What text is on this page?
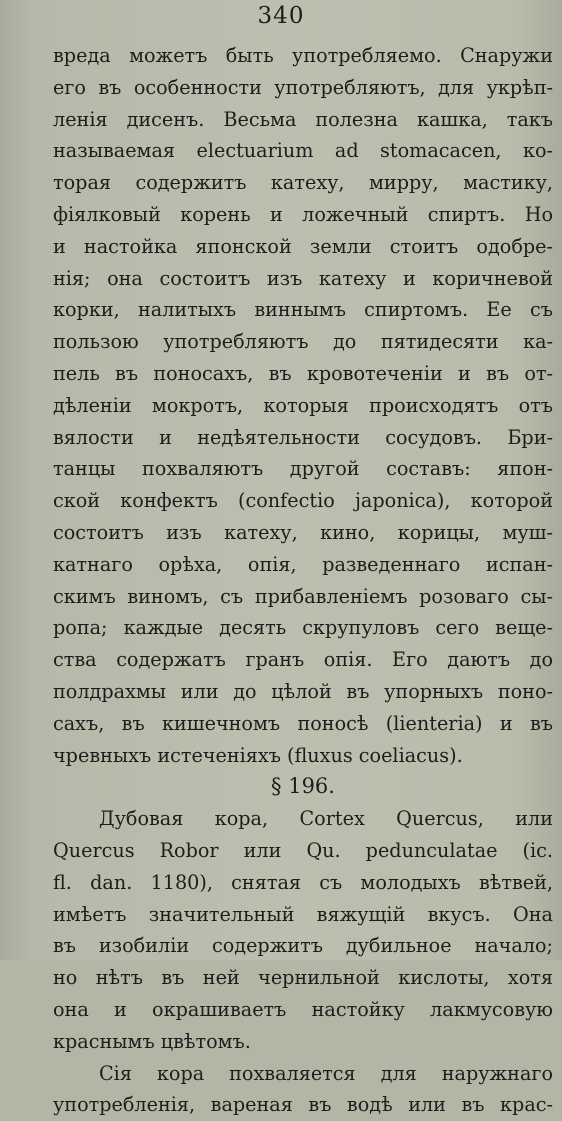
340
вреда можетъ быть употребляемо. Снаружи
его въ особенности употребляютъ, для укрѣп-
ленія дисенъ. Весьма полезна кашка, такъ
называемая electuarium ad stomacacen, ко-
торая содержитъ катеху, мирру, мастику,
фіялковый корень и ложечный спиртъ. Но
и настойка японской земли стоитъ одобре-
нія; она состоитъ изъ катеху и коричневой
корки, налитыхъ виннымъ спиртомъ. Ее съ
пользою употребляютъ до пятидесяти ка-
пель въ поносахъ, въ кровотеченіи и въ от-
дѣленіи мокротъ, которыя происходятъ отъ
вялости и недѣятельности сосудовъ. Бри-
танцы похваляютъ другой составъ: япон-
ской конфектъ (confectio japonica), которой
состоитъ изъ катеху, кино, корицы, муш-
катнаго орѣха, опія, разведеннаго испан-
скимъ виномъ, съ прибавленіемъ розоваго сы-
ропа; каждые десять скрупуловъ сего веще-
ства содержатъ гранъ опія. Его даютъ до
полдрахмы или до цѣлой въ упорныхъ поно-
сахъ, въ кишечномъ поносѣ (lienteria) и въ
чревныхъ истеченіяхъ (fluxus coeliacus).
§ 196.
Дубовая кора, Cortex Quercus, или
Quercus Robor или Qu. pedunculatae (ic.
fl. dan. 1180), снятая съ молодыхъ вѣтвей,
имѣетъ значительный вяжущій вкусъ. Она
въ изобиліи содержитъ дубильное начало;
но нѣтъ въ ней чернильной кислоты, хотя
она и окрашиваетъ настойку лакмусовую
краснымъ цвѣтомъ.
Сія кора похваляется для наружнаго
употребленія, вареная въ водѣ или въ крас-
